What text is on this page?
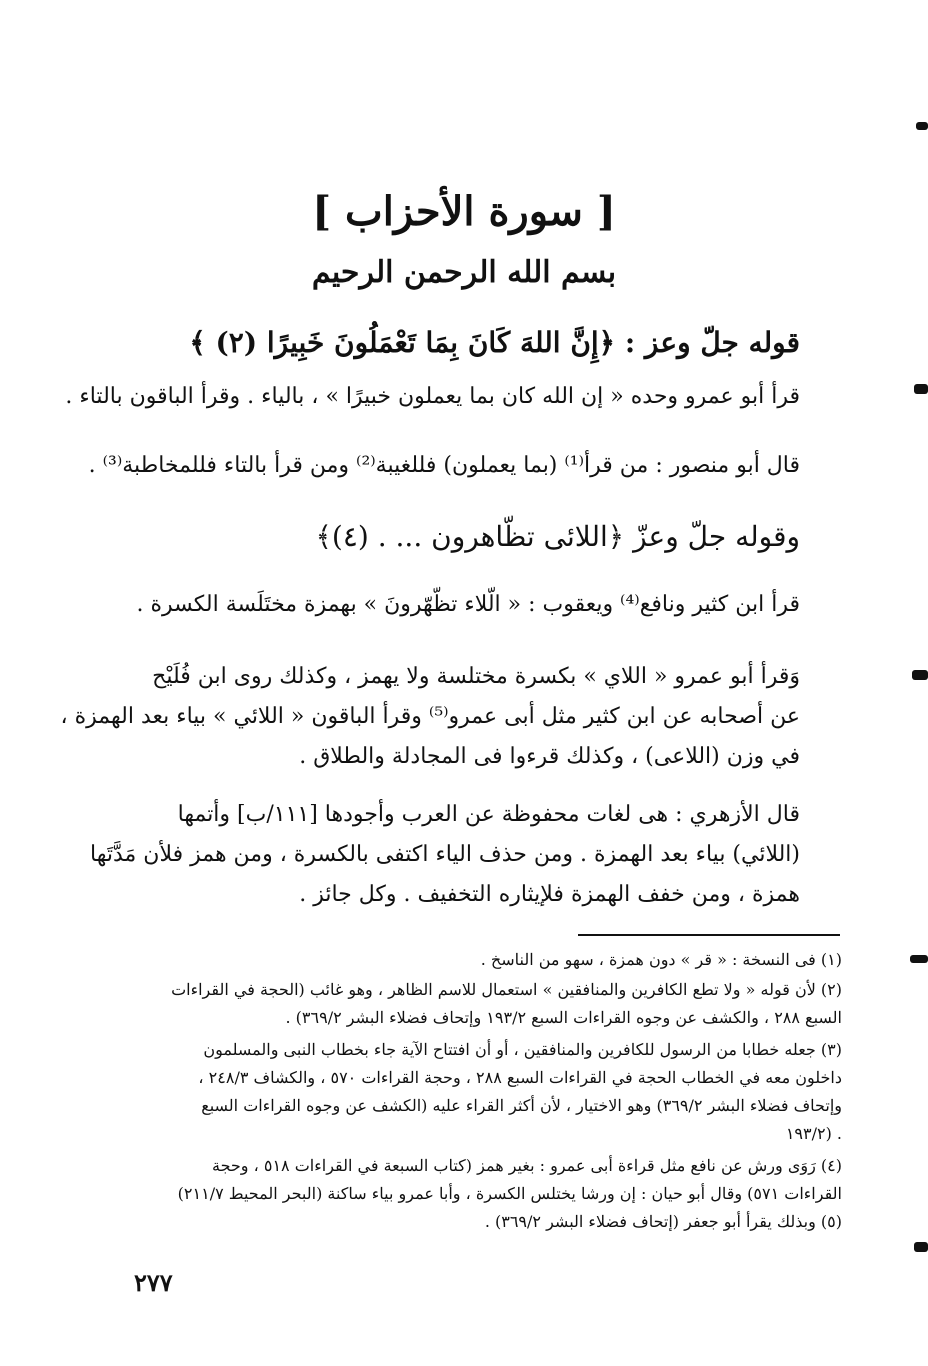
[ سورة الأحزاب ]
بسم الله الرحمن الرحيم
قوله جلّ وعز : ﴿إِنَّ اللهَ كَانَ بِمَا تَعْمَلُونَ خَبِيرًا (٢) ﴾
قرأ أبو عمرو وحده « إن الله كان بما يعملون خبيرًا » ، بالياء . وقرأ الباقون بالتاء .
قال أبو منصور : من قرأ⁽¹⁾ (بما يعملون) فللغيبة⁽²⁾ ومن قرأ بالتاء فللمخاطبة⁽³⁾ .
وقوله جلّ وعزّ ﴿اللائى تظّاهرون ... . (٤)﴾
قرأ ابن كثير ونافع⁽⁴⁾ ويعقوب : « الّلاء تظّهّرونَ » بهمزة مختَلَسة الكسرة .
وَقرأ أبو عمرو « اللاي » بكسرة مختلسة ولا يهمز ، وكذلك روى ابن فُلَيْح
عن أصحابه عن ابن كثير مثل أبى عمرو⁽⁵⁾ وقرأ الباقون « اللائي » بياء بعد الهمزة ،
في وزن (اللاعى) ، وكذلك قرءوا فى المجادلة والطلاق .
قال الأزهري : هى لغات محفوظة عن العرب وأجودها [١١١/ب] وأتمها
(اللائي) بياء بعد الهمزة . ومن حذف الياء اكتفى بالكسرة ، ومن همز فلأن مَدَّتَها
همزة ، ومن خفف الهمزة فلإيثاره التخفيف . وكل جائز .
(١) فى النسخة : « قر » دون همزة ، سهو من الناسخ .
(٢) لأن قوله « ولا تطع الكافرين والمنافقين » استعمال للاسم الظاهر ، وهو غائب (الحجة في القراءات
السبع ٢٨٨ ، والكشف عن وجوه القراءات السبع ١٩٣/٢ وإتحاف فضلاء البشر ٣٦٩/٢) .
(٣) جعله خطابا من الرسول للكافرين والمنافقين ، أو أن افتتاح الآية جاء بخطاب النبى والمسلمون
داخلون معه في الخطاب الحجة في القراءات السبع ٢٨٨ ، وحجة القراءات ٥٧٠ ، والكشاف ٢٤٨/٣ ،
وإتحاف فضلاء البشر ٣٦٩/٢) وهو الاختيار ، لأن أكثر القراء عليه (الكشف عن وجوه القراءات السبع
١٩٣/٢) .
(٤) رَوَى ورش عن نافع مثل قراءة أبى عمرو : بغير همز (كتاب السبعة في القراءات ٥١٨ ، وحجة
القراءات ٥٧١) وقال أبو حيان : إن ورشا يختلس الكسرة ، وأبا عمرو بياء ساكنة (البحر المحيط ٢١١/٧)
(٥) وبذلك يقرأ أبو جعفر (إتحاف فضلاء البشر ٣٦٩/٢) .
٢٧٧
